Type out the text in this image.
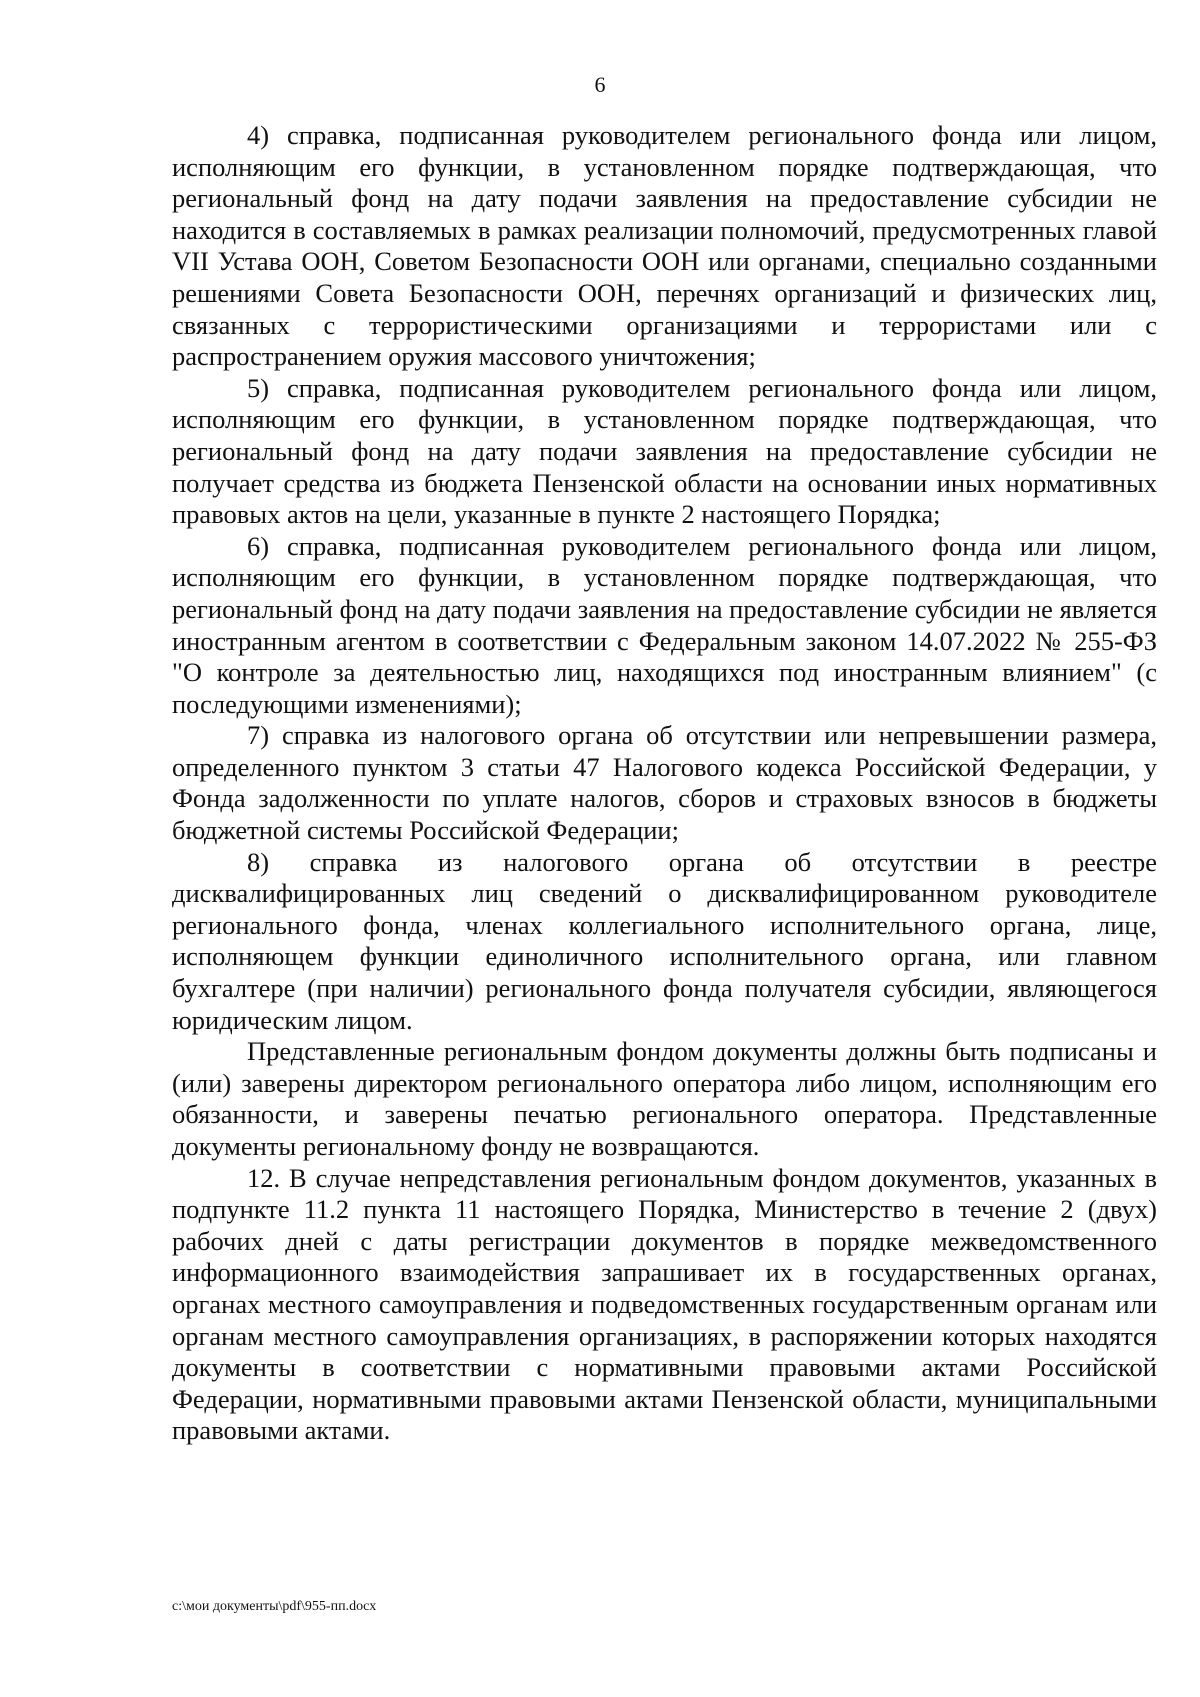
6

4) справка, подписанная руководителем регионального фонда или лицом, исполняющим его функции, в установленном порядке подтверждающая, что региональный фонд на дату подачи заявления на предоставление субсидии не находится в составляемых в рамках реализации полномочий, предусмотренных главой VII Устава ООН, Советом Безопасности ООН или органами, специально созданными решениями Совета Безопасности ООН, перечнях организаций и физических лиц, связанных с террористическими организациями и террористами или с распространением оружия массового уничтожения;

5) справка, подписанная руководителем регионального фонда или лицом, исполняющим его функции, в установленном порядке подтверждающая, что региональный фонд на дату подачи заявления на предоставление субсидии не получает средства из бюджета Пензенской области на основании иных нормативных правовых актов на цели, указанные в пункте 2 настоящего Порядка;

6) справка, подписанная руководителем регионального фонда или лицом, исполняющим его функции, в установленном порядке подтверждающая, что региональный фонд на дату подачи заявления на предоставление субсидии не является иностранным агентом в соответствии с Федеральным законом 14.07.2022 № 255-ФЗ "О контроле за деятельностью лиц, находящихся под иностранным влиянием" (с последующими изменениями);

7) справка из налогового органа об отсутствии или непревышении размера, определенного пунктом 3 статьи 47 Налогового кодекса Российской Федерации, у Фонда задолженности по уплате налогов, сборов и страховых взносов в бюджеты бюджетной системы Российской Федерации;

8) справка из налогового органа об отсутствии в реестре дисквалифицированных лиц сведений о дисквалифицированном руководителе регионального фонда, членах коллегиального исполнительного органа, лице, исполняющем функции единоличного исполнительного органа, или главном бухгалтере (при наличии) регионального фонда получателя субсидии, являющегося юридическим лицом.

Представленные региональным фондом документы должны быть подписаны и (или) заверены директором регионального оператора либо лицом, исполняющим его обязанности, и заверены печатью регионального оператора. Представленные документы региональному фонду не возвращаются.

12. В случае непредставления региональным фондом документов, указанных в подпункте 11.2 пункта 11 настоящего Порядка, Министерство в течение 2 (двух) рабочих дней с даты регистрации документов в порядке межведомственного информационного взаимодействия запрашивает их в государственных органах, органах местного самоуправления и подведомственных государственным органам или органам местного самоуправления организациях, в распоряжении которых находятся документы в соответствии с нормативными правовыми актами Российской Федерации, нормативными правовыми актами Пензенской области, муниципальными правовыми актами.

c:\мои документы\pdf\955-пп.docx
